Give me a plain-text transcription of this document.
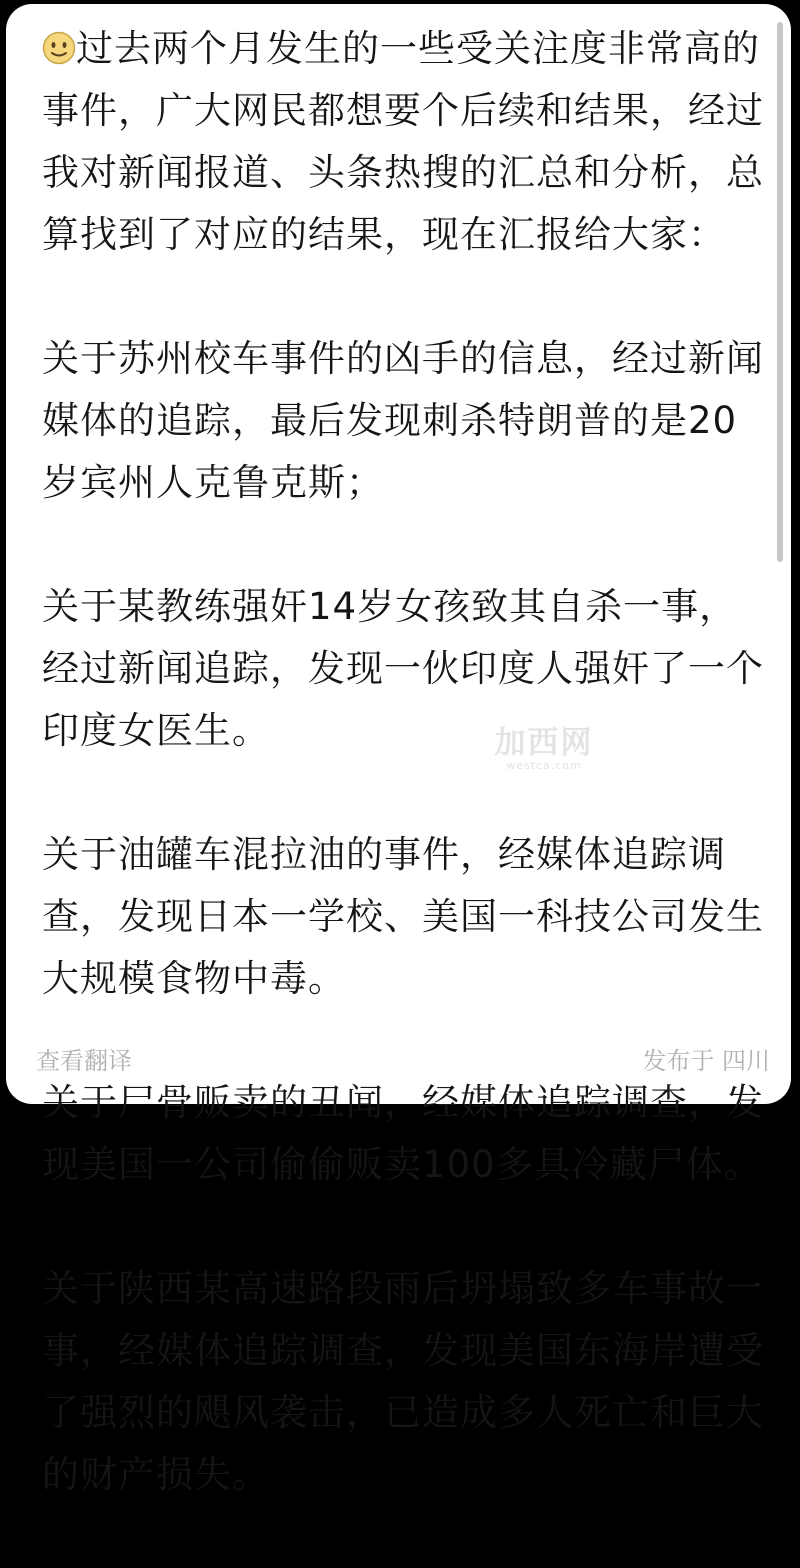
过去两个月发生的一些受关注度非常高的事件，广大网民都想要个后续和结果，经过我对新闻报道、头条热搜的汇总和分析，总算找到了对应的结果，现在汇报给大家：

关于苏州校车事件的凶手的信息，经过新闻媒体的追踪，最后发现刺杀特朗普的是20岁宾州人克鲁克斯；

关于某教练强奸14岁女孩致其自杀一事，经过新闻追踪，发现一伙印度人强奸了一个印度女医生。

关于油罐车混拉油的事件，经媒体追踪调查，发现日本一学校、美国一科技公司发生大规模食物中毒。

关于尸骨贩卖的丑闻，经媒体追踪调查，发现美国一公司偷偷贩卖100多具冷藏尸体。

关于陕西某高速路段雨后坍塌致多车事故一事，经媒体追踪调查，发现美国东海岸遭受了强烈的飓风袭击，已造成多人死亡和巨大的财产损失。

加西网
westca.com
查看翻译	发布于 四川
